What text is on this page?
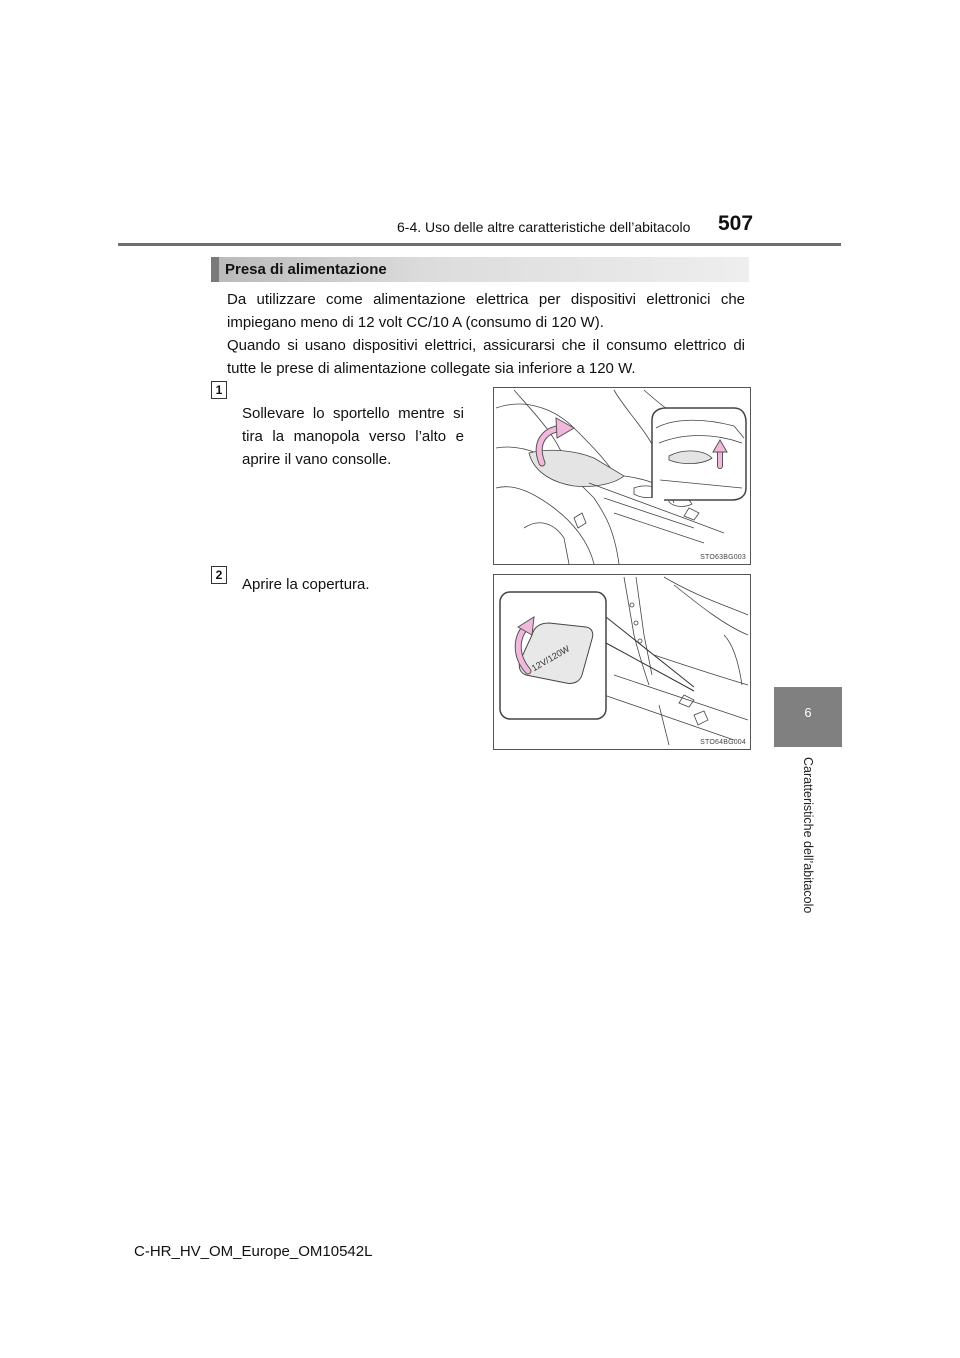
6-4. Uso delle altre caratteristiche dell’abitacolo 507
6
Caratteristiche dell’abitacolo
Presa di alimentazione
Da utilizzare come alimentazione elettrica per dispositivi elettronici che impiegano meno di 12 volt CC/10 A (consumo di 120 W).
Quando si usano dispositivi elettrici, assicurarsi che il consumo elettrico di tutte le prese di alimentazione collegate sia inferiore a 120 W.
1
Sollevare lo sportello mentre si tira la manopola verso l’alto e aprire il vano consolle.
STO63BG003
2
Aprire la copertura.
12V/120W
STO64BG004
C-HR_HV_OM_Europe_OM10542L
